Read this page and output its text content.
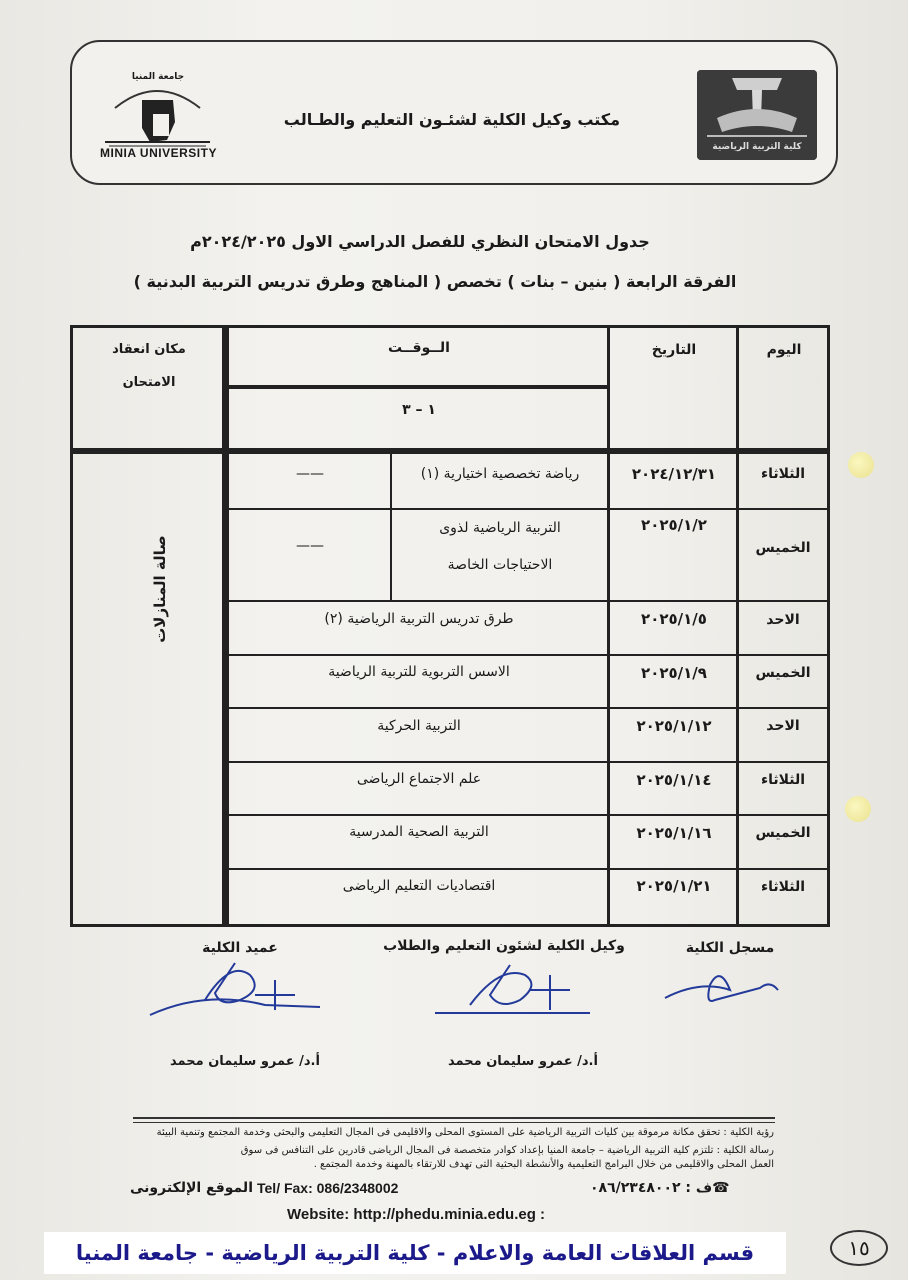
MINIA UNIVERSITY
جامعة المنيا
مكتب وكيل الكلية لشئـون التعليم والطـالب
كلية التربية الرياضية
جدول الامتحان النظري للفصل الدراسي الاول ٢٠٢٤/٢٠٢٥م
الفرقة الرابعة ( بنين – بنات ) تخصص ( المناهج وطرق تدريس التربية البدنية )
اليوم
التاريخ
الــوقــت
١ – ٣
مكان انعقاد
الامتحان
صالة المنازلات
الثلاثاء
٢٠٢٤/١٢/٣١
رياضة تخصصية اختيارية (١)
——
الخميس
٢٠٢٥/١/٢
التربية الرياضية لذوى
الاحتياجات الخاصة
——
الاحد
٢٠٢٥/١/٥
طرق تدريس التربية الرياضية (٢)
الخميس
٢٠٢٥/١/٩
الاسس التربوية للتربية الرياضية
الاحد
٢٠٢٥/١/١٢
التربية الحركية
الثلاثاء
٢٠٢٥/١/١٤
علم الاجتماع الرياضى
الخميس
٢٠٢٥/١/١٦
التربية الصحية المدرسية
الثلاثاء
٢٠٢٥/١/٢١
اقتصاديات التعليم الرياضى
مسجل الكلية
وكيل الكلية لشئون التعليم والطلاب
عميد الكلية
أ.د/ عمرو سليمان محمد
أ.د/ عمرو سليمان محمد
رؤية الكلية : تحقق مكانة مرموقة بين كليات التربية الرياضية على المستوى المحلى والاقليمى فى المجال التعليمى والبحثى وخدمة المجتمع وتنمية البيئة
رسالة الكلية : تلتزم كلية التربية الرياضية – جامعة المنيا بإعداد كوادر متخصصة فى المجال الرياضى قادرين على التنافس فى سوق
العمل المحلى والاقليمى من خلال البرامج التعليمية والأنشطة البحثية التى تهدف للارتقاء بالمهنة وخدمة المجتمع .
☎ف : ٠٨٦/٢٣٤٨٠٠٢
Tel/ Fax: 086/2348002
الموقع الإلكترونى
Website: http://phedu.minia.edu.eg :
قسم العلاقات العامة والاعلام - كلية التربية الرياضية - جامعة المنيا	١٥
